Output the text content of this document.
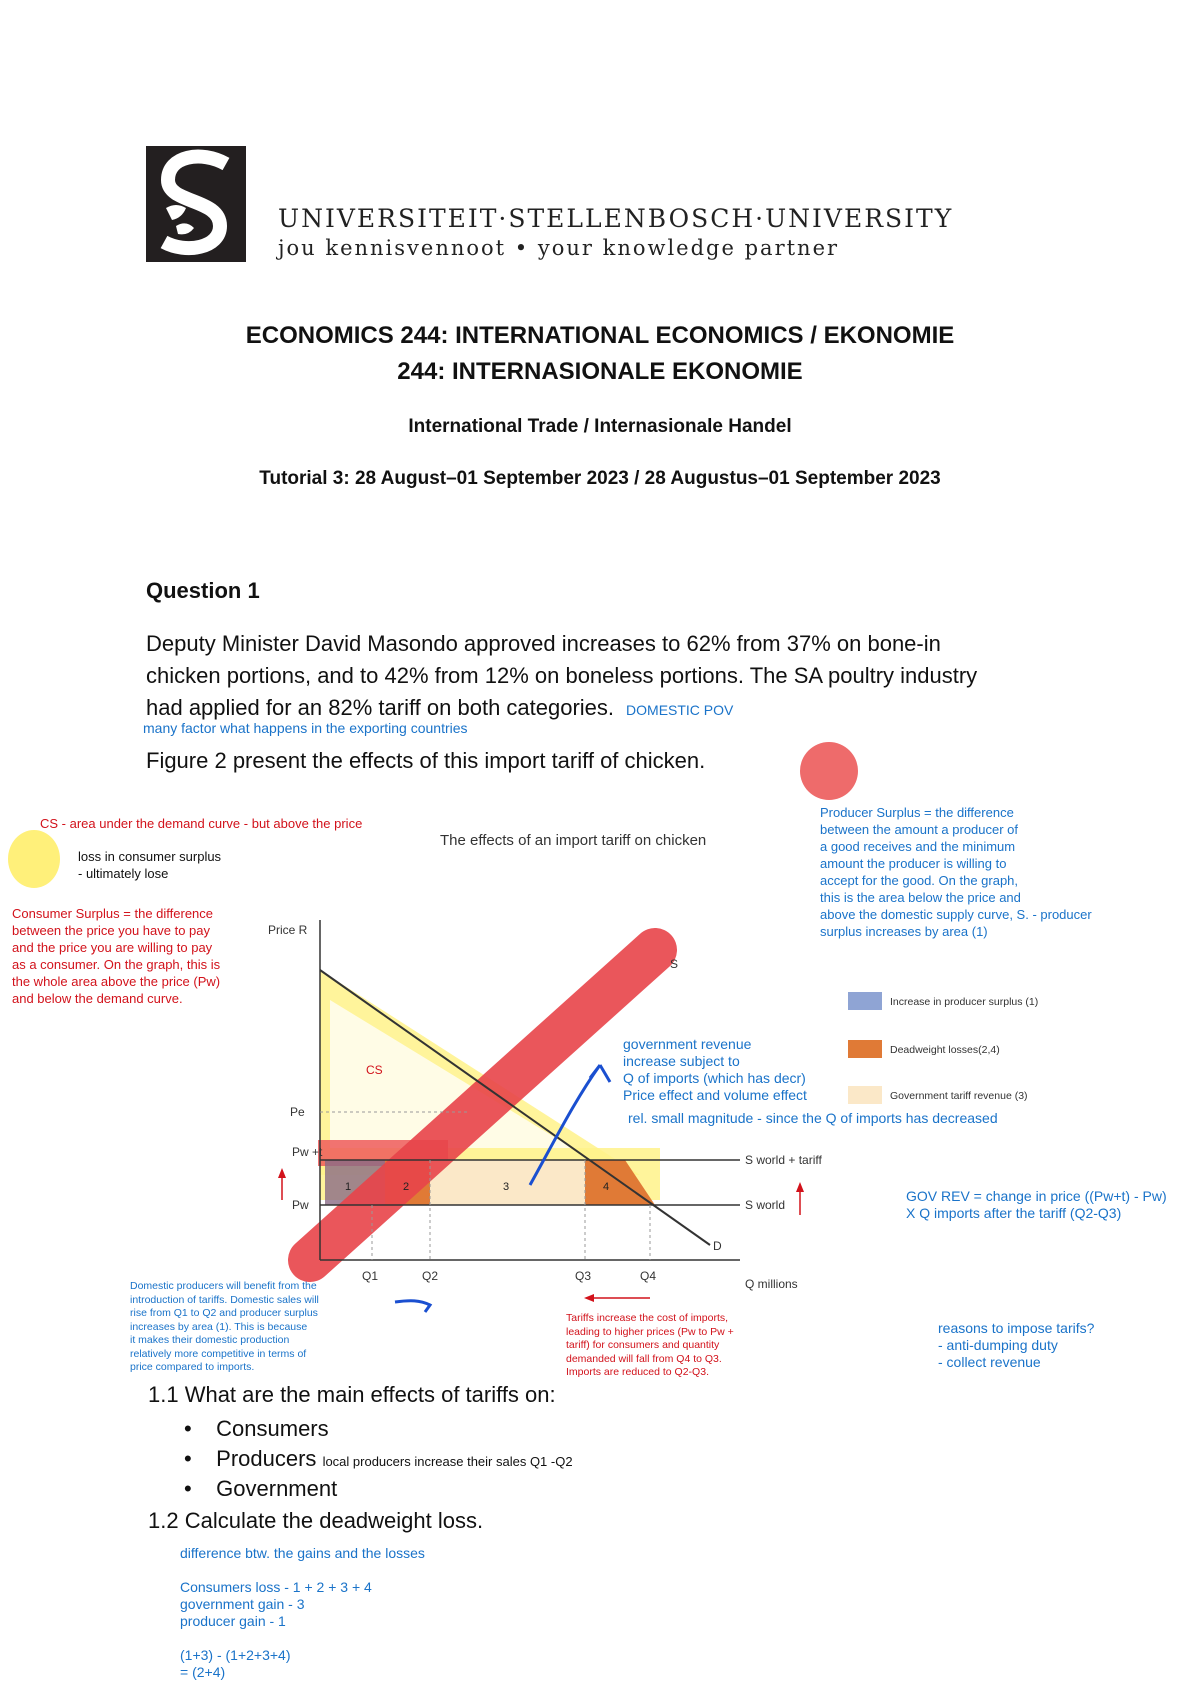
UNIVERSITEIT·STELLENBOSCH·UNIVERSITY
jou kennisvennoot • your knowledge partner
ECONOMICS 244: INTERNATIONAL ECONOMICS / EKONOMIE
244: INTERNASIONALE EKONOMIE
International Trade / Internasionale Handel
Tutorial 3: 28 August–01 September 2023 / 28 Augustus–01 September 2023
Question 1
Deputy Minister David Masondo approved increases to 62% from 37% on bone-in
chicken portions, and to 42% from 12% on boneless portions. The SA poultry industry
had applied for an 82% tariff on both categories. DOMESTIC POV
many factor what happens in the exporting countries
Figure 2 present the effects of this import tariff of chicken.
The effects of an import tariff on chicken
Price R
D
S
S world + tariff
S world
Pe
Pw +t
Pw
Q1	Q2	Q3	Q4
Q millions
1	2	3	4
CS
Increase in producer surplus (1)
Deadweight losses(2,4)
Government tariff revenue (3)
CS - area under the demand curve - but above the price
loss in consumer surplus
- ultimately lose
Consumer Surplus = the difference
between the price you have to pay
and the price you are willing to pay
as a consumer. On the graph, this is
the whole area above the price (Pw)
and below the demand curve.
Producer Surplus = the difference
between the amount a producer of
a good receives and the minimum
amount the producer is willing to
accept for the good. On the graph,
this is the area below the price and
above the domestic supply curve, S. - producer
surplus increases by area (1)
government revenue
increase subject to
Q of imports (which has decr)
Price effect and volume effect
rel. small magnitude - since the Q of imports has decreased
GOV REV = change in price ((Pw+t) - Pw)
X Q imports after the tariff (Q2-Q3)
Domestic producers will benefit from the
introduction of tariffs. Domestic sales will
rise from Q1 to Q2 and producer surplus
increases by area (1). This is because
it makes their domestic production
relatively more competitive in terms of
price compared to imports.
Tariffs increase the cost of imports,
leading to higher prices (Pw to Pw +
tariff) for consumers and quantity
demanded will fall from Q4 to Q3.
Imports are reduced to Q2-Q3.
reasons to impose tarifs?
- anti-dumping duty
- collect revenue
1.1 What are the main effects of tariffs on:
•    Consumers
•    Producers local producers increase their sales Q1 -Q2
•    Government
1.2 Calculate the deadweight loss.
difference btw. the gains and the losses
Consumers loss - 1 + 2 + 3 + 4
government gain - 3
producer gain - 1
(1+3) - (1+2+3+4)
= (2+4)
